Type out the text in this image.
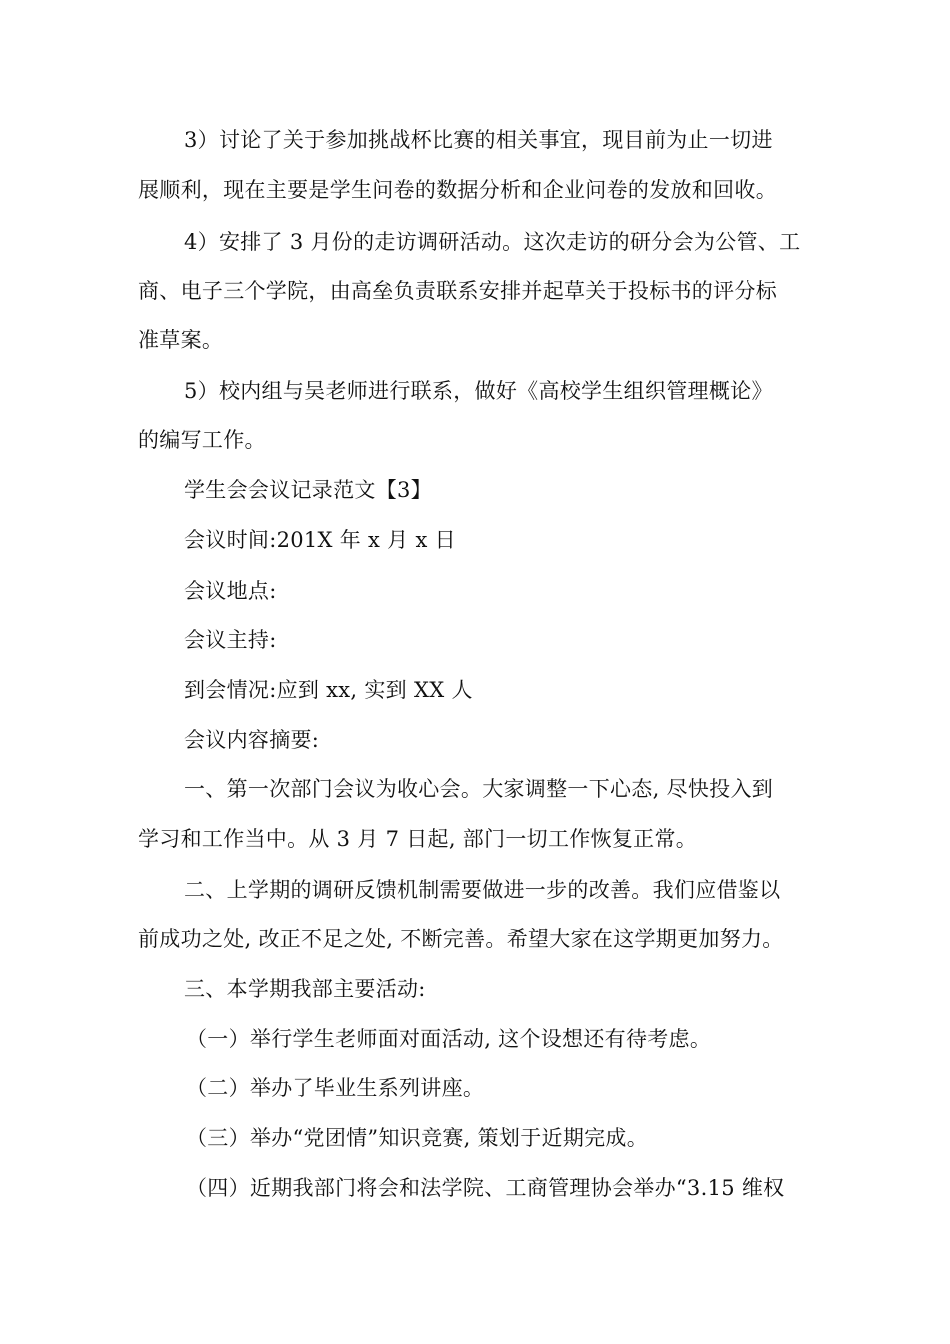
3）讨论了关于参加挑战杯比赛的相关事宜，现目前为止一切进
展顺利，现在主要是学生问卷的数据分析和企业问卷的发放和回收。
4）安排了 3 月份的走访调研活动。这次走访的研分会为公管、工
商、电子三个学院，由高垒负责联系安排并起草关于投标书的评分标
准草案。
5）校内组与吴老师进行联系，做好《高校学生组织管理概论》
的编写工作。
学生会会议记录范文【3】
会议时间:201X 年 x 月 x 日
会议地点:
会议主持:
到会情况:应到 xx, 实到 XX 人
会议内容摘要:
一、第一次部门会议为收心会。大家调整一下心态, 尽快投入到
学习和工作当中。从 3 月 7 日起, 部门一切工作恢复正常。
二、上学期的调研反馈机制需要做进一步的改善。我们应借鉴以
前成功之处, 改正不足之处, 不断完善。希望大家在这学期更加努力。
三、本学期我部主要活动:
（一）举行学生老师面对面活动, 这个设想还有待考虑。
（二）举办了毕业生系列讲座。
（三）举办“党团情”知识竞赛, 策划于近期完成。
（四）近期我部门将会和法学院、工商管理协会举办“3.15 维权
